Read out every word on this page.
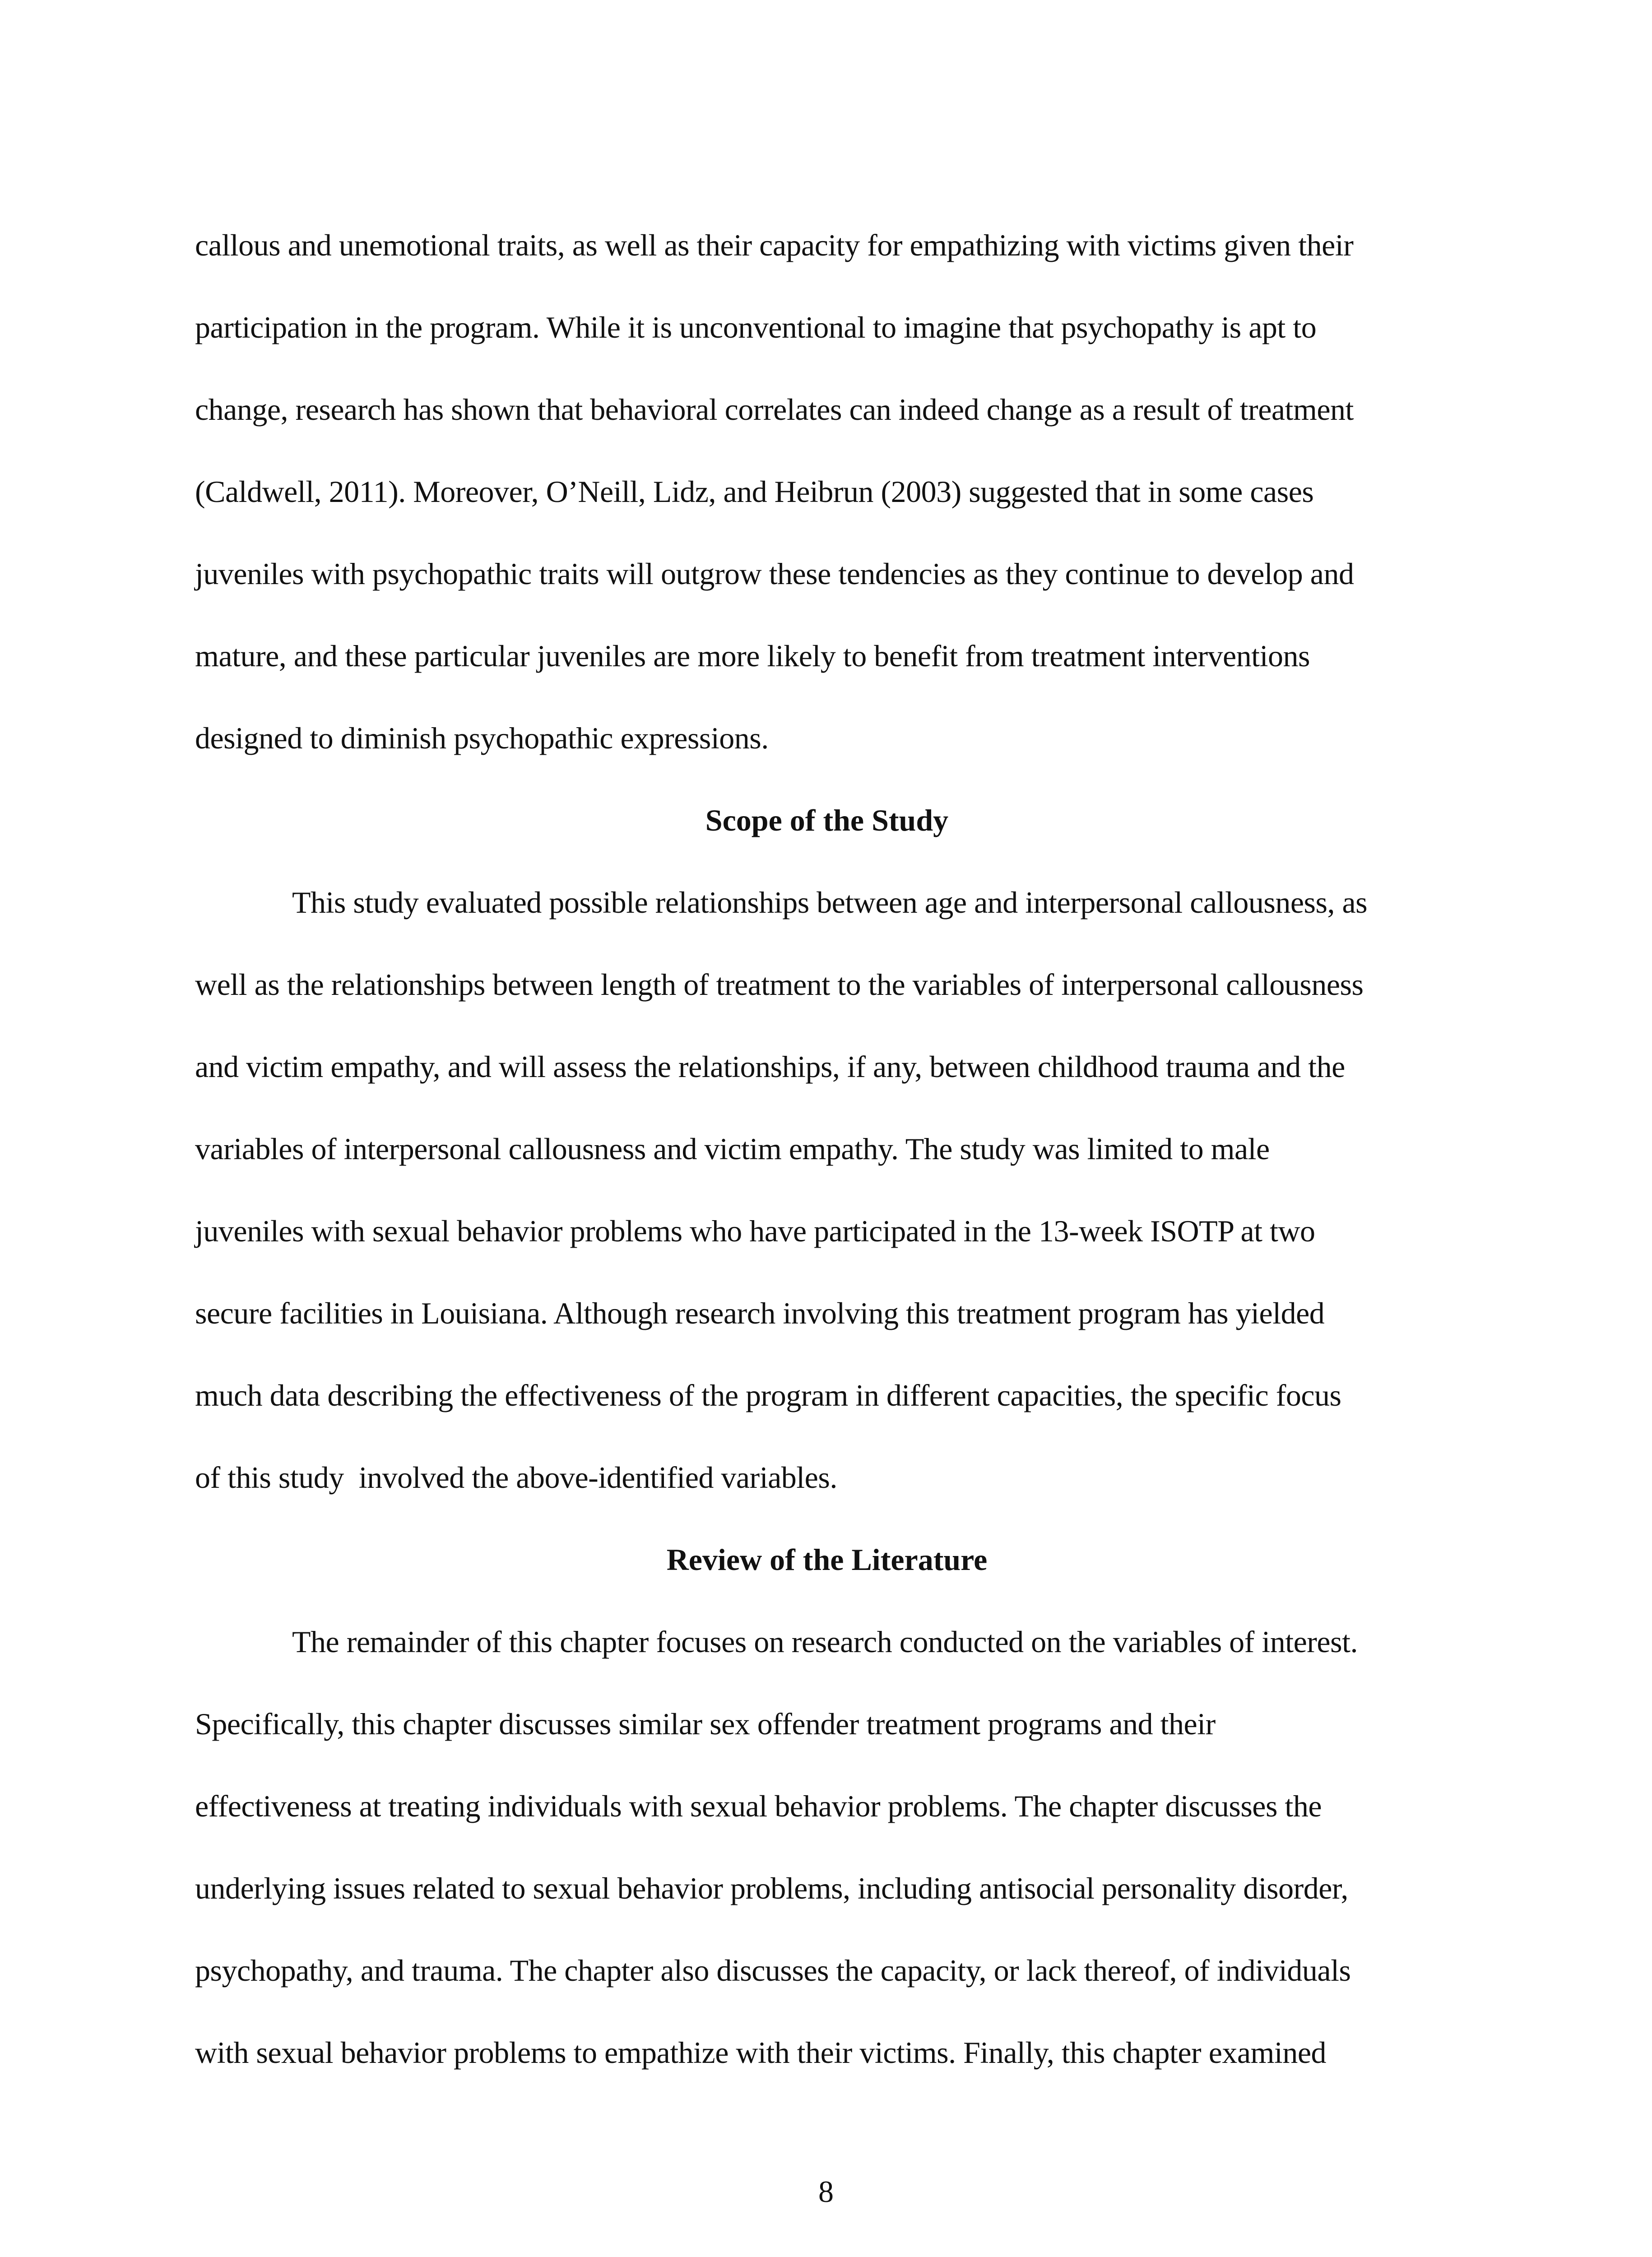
callous and unemotional traits, as well as their capacity for empathizing with victims given their
participation in the program. While it is unconventional to imagine that psychopathy is apt to
change, research has shown that behavioral correlates can indeed change as a result of treatment
(Caldwell, 2011). Moreover, O’Neill, Lidz, and Heibrun (2003) suggested that in some cases
juveniles with psychopathic traits will outgrow these tendencies as they continue to develop and
mature, and these particular juveniles are more likely to benefit from treatment interventions
designed to diminish psychopathic expressions.
Scope of the Study
This study evaluated possible relationships between age and interpersonal callousness, as
well as the relationships between length of treatment to the variables of interpersonal callousness
and victim empathy, and will assess the relationships, if any, between childhood trauma and the
variables of interpersonal callousness and victim empathy. The study was limited to male
juveniles with sexual behavior problems who have participated in the 13-week ISOTP at two
secure facilities in Louisiana. Although research involving this treatment program has yielded
much data describing the effectiveness of the program in different capacities, the specific focus
of this study  involved the above-identified variables.
Review of the Literature
The remainder of this chapter focuses on research conducted on the variables of interest.
Specifically, this chapter discusses similar sex offender treatment programs and their
effectiveness at treating individuals with sexual behavior problems. The chapter discusses the
underlying issues related to sexual behavior problems, including antisocial personality disorder,
psychopathy, and trauma. The chapter also discusses the capacity, or lack thereof, of individuals
with sexual behavior problems to empathize with their victims. Finally, this chapter examined
8
